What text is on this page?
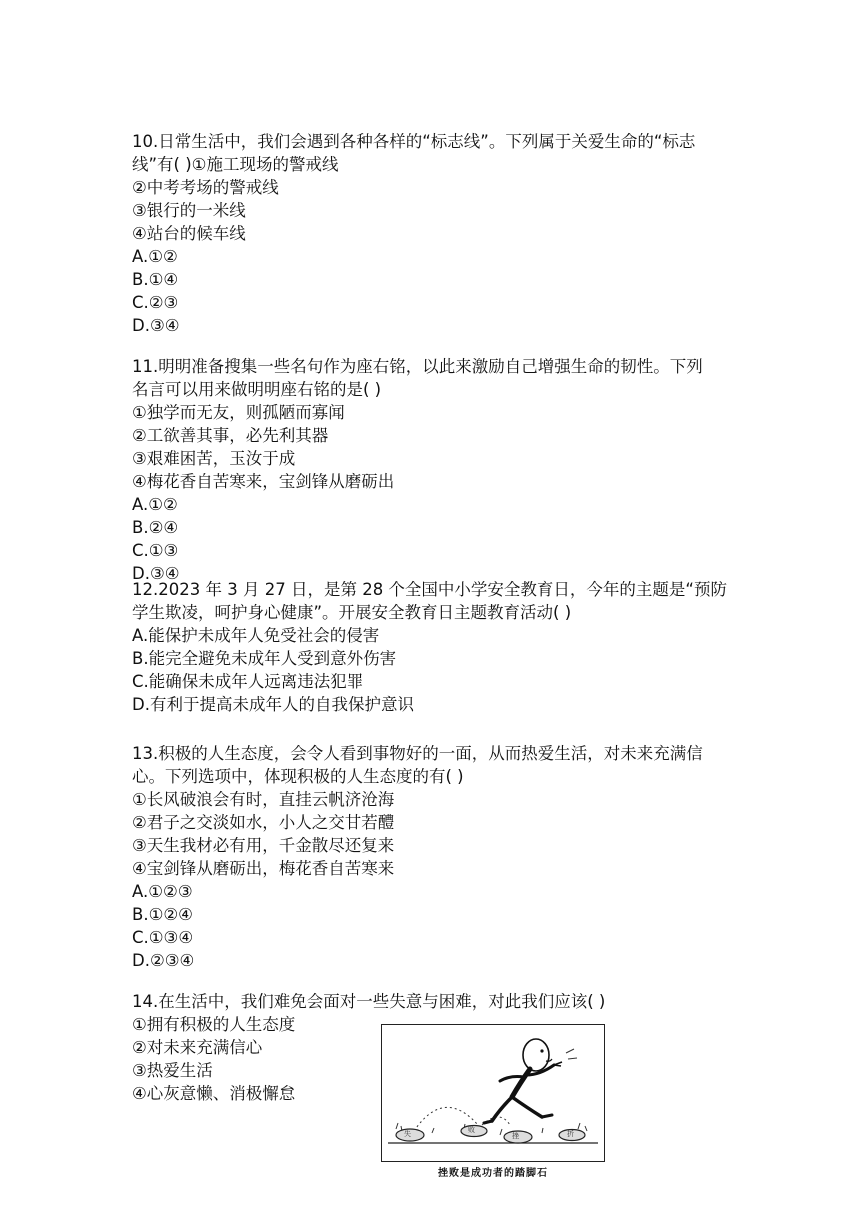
10.日常生活中，我们会遇到各种各样的“标志线”。下列属于关爱生命的“标志
线”有( )①施工现场的警戒线
②中考考场的警戒线
③银行的一米线
④站台的候车线
A.①②
B.①④
C.②③
D.③④
11.明明准备搜集一些名句作为座右铭，以此来激励自己增强生命的韧性。下列
名言可以用来做明明座右铭的是( )
①独学而无友，则孤陋而寡闻
②工欲善其事，必先利其器
③艰难困苦，玉汝于成
④梅花香自苦寒来，宝剑锋从磨砺出
A.①②
B.②④
C.①③
D.③④
12.2023 年 3 月 27 日，是第 28 个全国中小学安全教育日，今年的主题是“预防
学生欺凌，呵护身心健康”。开展安全教育日主题教育活动( )
A.能保护未成年人免受社会的侵害
B.能完全避免未成年人受到意外伤害
C.能确保未成年人远离违法犯罪
D.有利于提高未成年人的自我保护意识
13.积极的人生态度，会令人看到事物好的一面，从而热爱生活，对未来充满信
心。下列选项中，体现积极的人生态度的有( )
①长风破浪会有时，直挂云帆济沧海
②君子之交淡如水，小人之交甘若醴
③天生我材必有用，千金散尽还复来
④宝剑锋从磨砺出，梅花香自苦寒来
A.①②③
B.①②④
C.①③④
D.②③④
14.在生活中，我们难免会面对一些失意与困难，对此我们应该( )
①拥有积极的人生态度
②对未来充满信心
③热爱生活
④心灰意懒、消极懈怠
失	败
挫	折
挫败是成功者的踏脚石
